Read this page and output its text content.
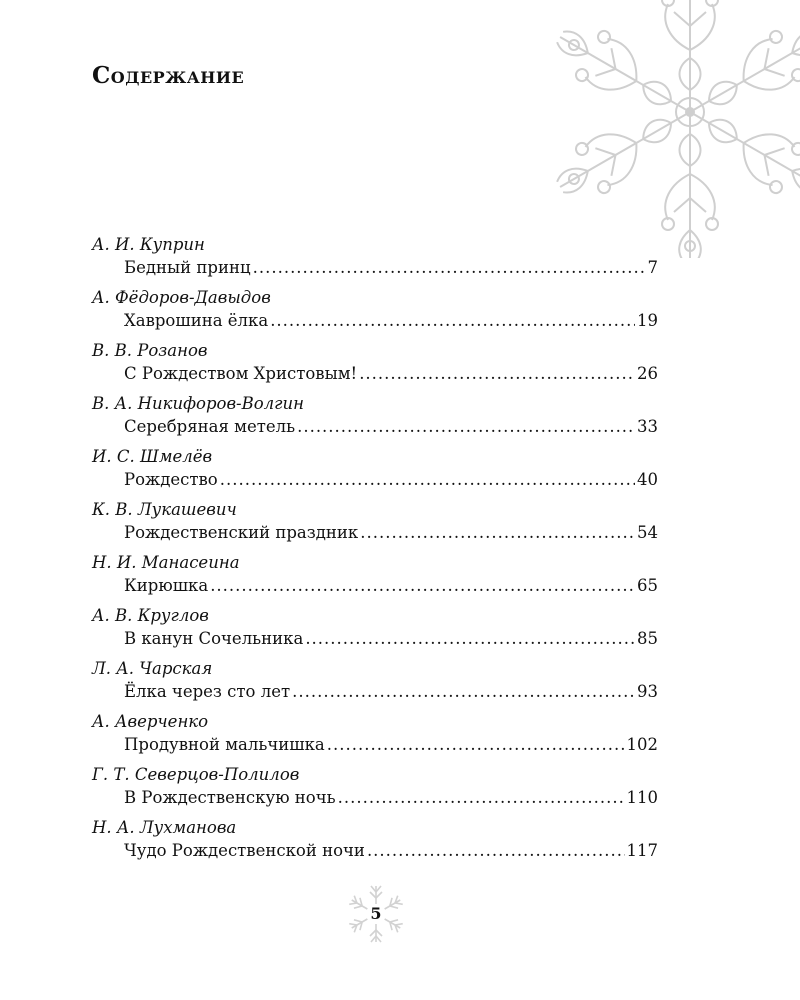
Содержание
А. И. Куприн
Бедный принц .....	7
А. Фёдоров-Давыдов
Хаврошина ёлка .....	19
В. В. Розанов
С Рождеством Христовым! .....	26
В. А. Никифоров-Волгин
Серебряная метель .....	33
И. С. Шмелёв
Рождество .....	40
К. В. Лукашевич
Рождественский праздник .....	54
Н. И. Манасеина
Кирюшка .....	65
А. В. Круглов
В канун Сочельника .....	85
Л. А. Чарская
Ёлка через сто лет .....	93
А. Аверченко
Продувной мальчишка .....	102
Г. Т. Северцов-Полилов
В Рождественскую ночь .....	110
Н. А. Лухманова
Чудо Рождественской ночи .....	117
5
